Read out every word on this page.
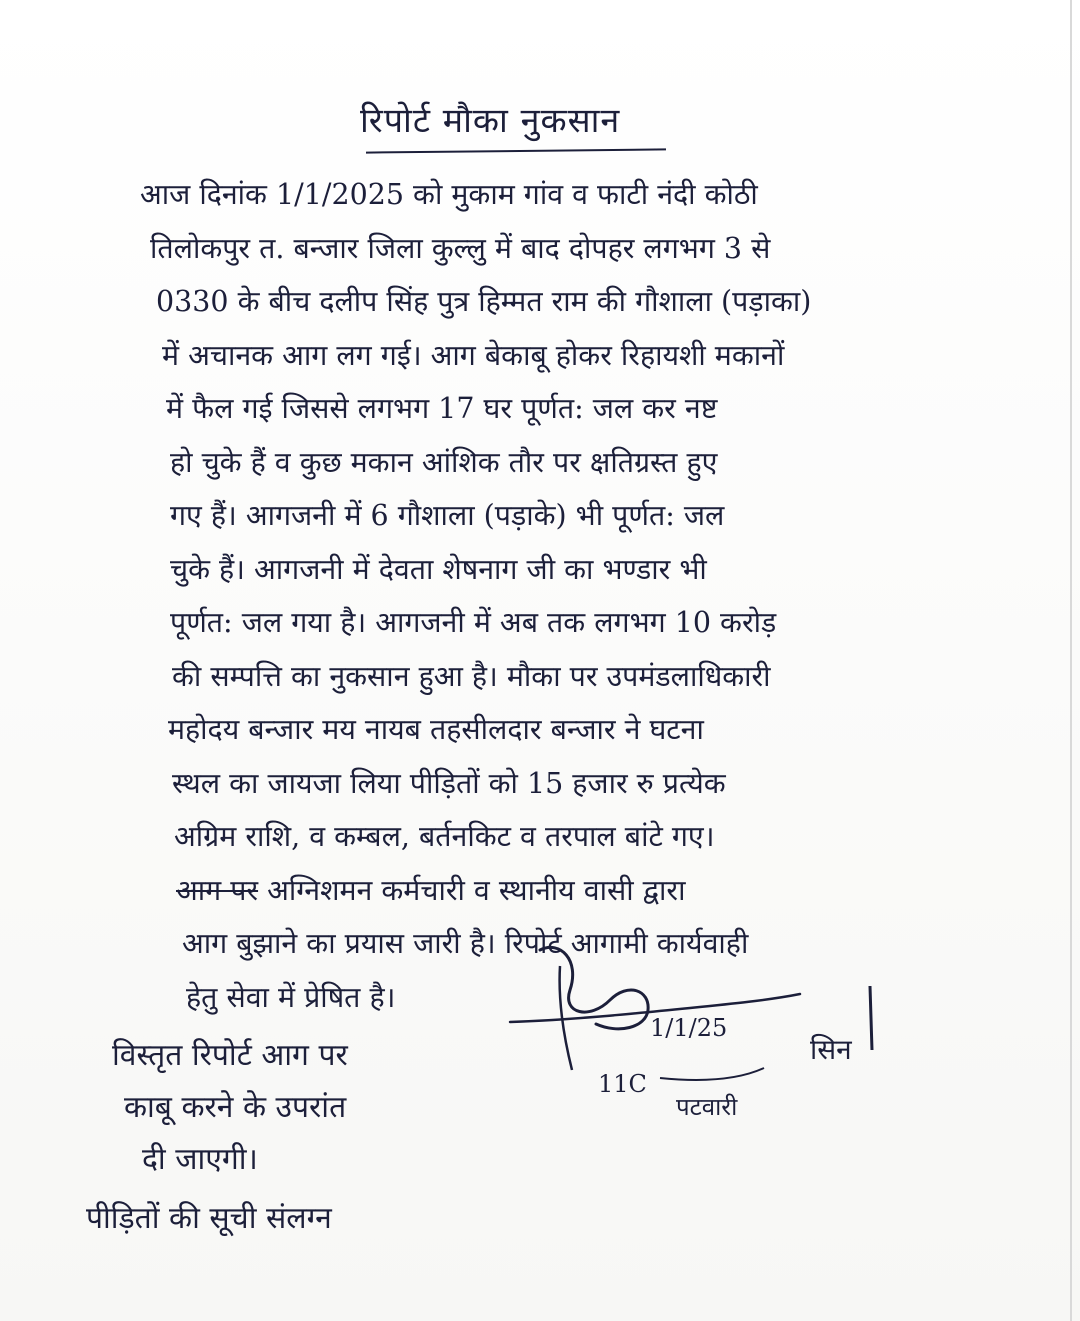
रिपोर्ट मौका नुकसान
आज दिनांक 1/1/2025 को मुकाम गांव व फाटी नंदी कोठी
तिलोकपुर त. बन्जार जिला कुल्लु में बाद दोपहर लगभग 3 से
0330 के बीच दलीप सिंह पुत्र हिम्मत राम की गौशाला (पड़ाका)
में अचानक आग लग गई। आग बेकाबू होकर रिहायशी मकानों
में फैल गई जिससे लगभग 17 घर पूर्णत: जल कर नष्ट
हो चुके हैं व कुछ मकान आंशिक तौर पर क्षतिग्रस्त हुए
गए हैं। आगजनी में 6 गौशाला (पड़ाके) भी पूर्णत: जल
चुके हैं। आगजनी में देवता शेषनाग जी का भण्डार भी
पूर्णत: जल गया है। आगजनी में अब तक लगभग 10 करोड़
की सम्पत्ति का नुकसान हुआ है। मौका पर उपमंडलाधिकारी
महोदय बन्जार मय नायब तहसीलदार बन्जार ने घटना
स्थल का जायजा लिया पीड़ितों को 15 हजार रु प्रत्येक
अग्रिम राशि, व कम्बल, बर्तनकिट व तरपाल बांटे गए।
आग पर अग्निशमन कर्मचारी व स्थानीय वासी द्वारा
आग बुझाने का प्रयास जारी है। रिपोर्ट आगामी कार्यवाही
हेतु सेवा में प्रेषित है।
विस्तृत रिपोर्ट आग पर
काबू करने के उपरांत
दी जाएगी।
पीड़ितों की सूची संलग्न
1/1/25
11C
पटवारी
सिन
